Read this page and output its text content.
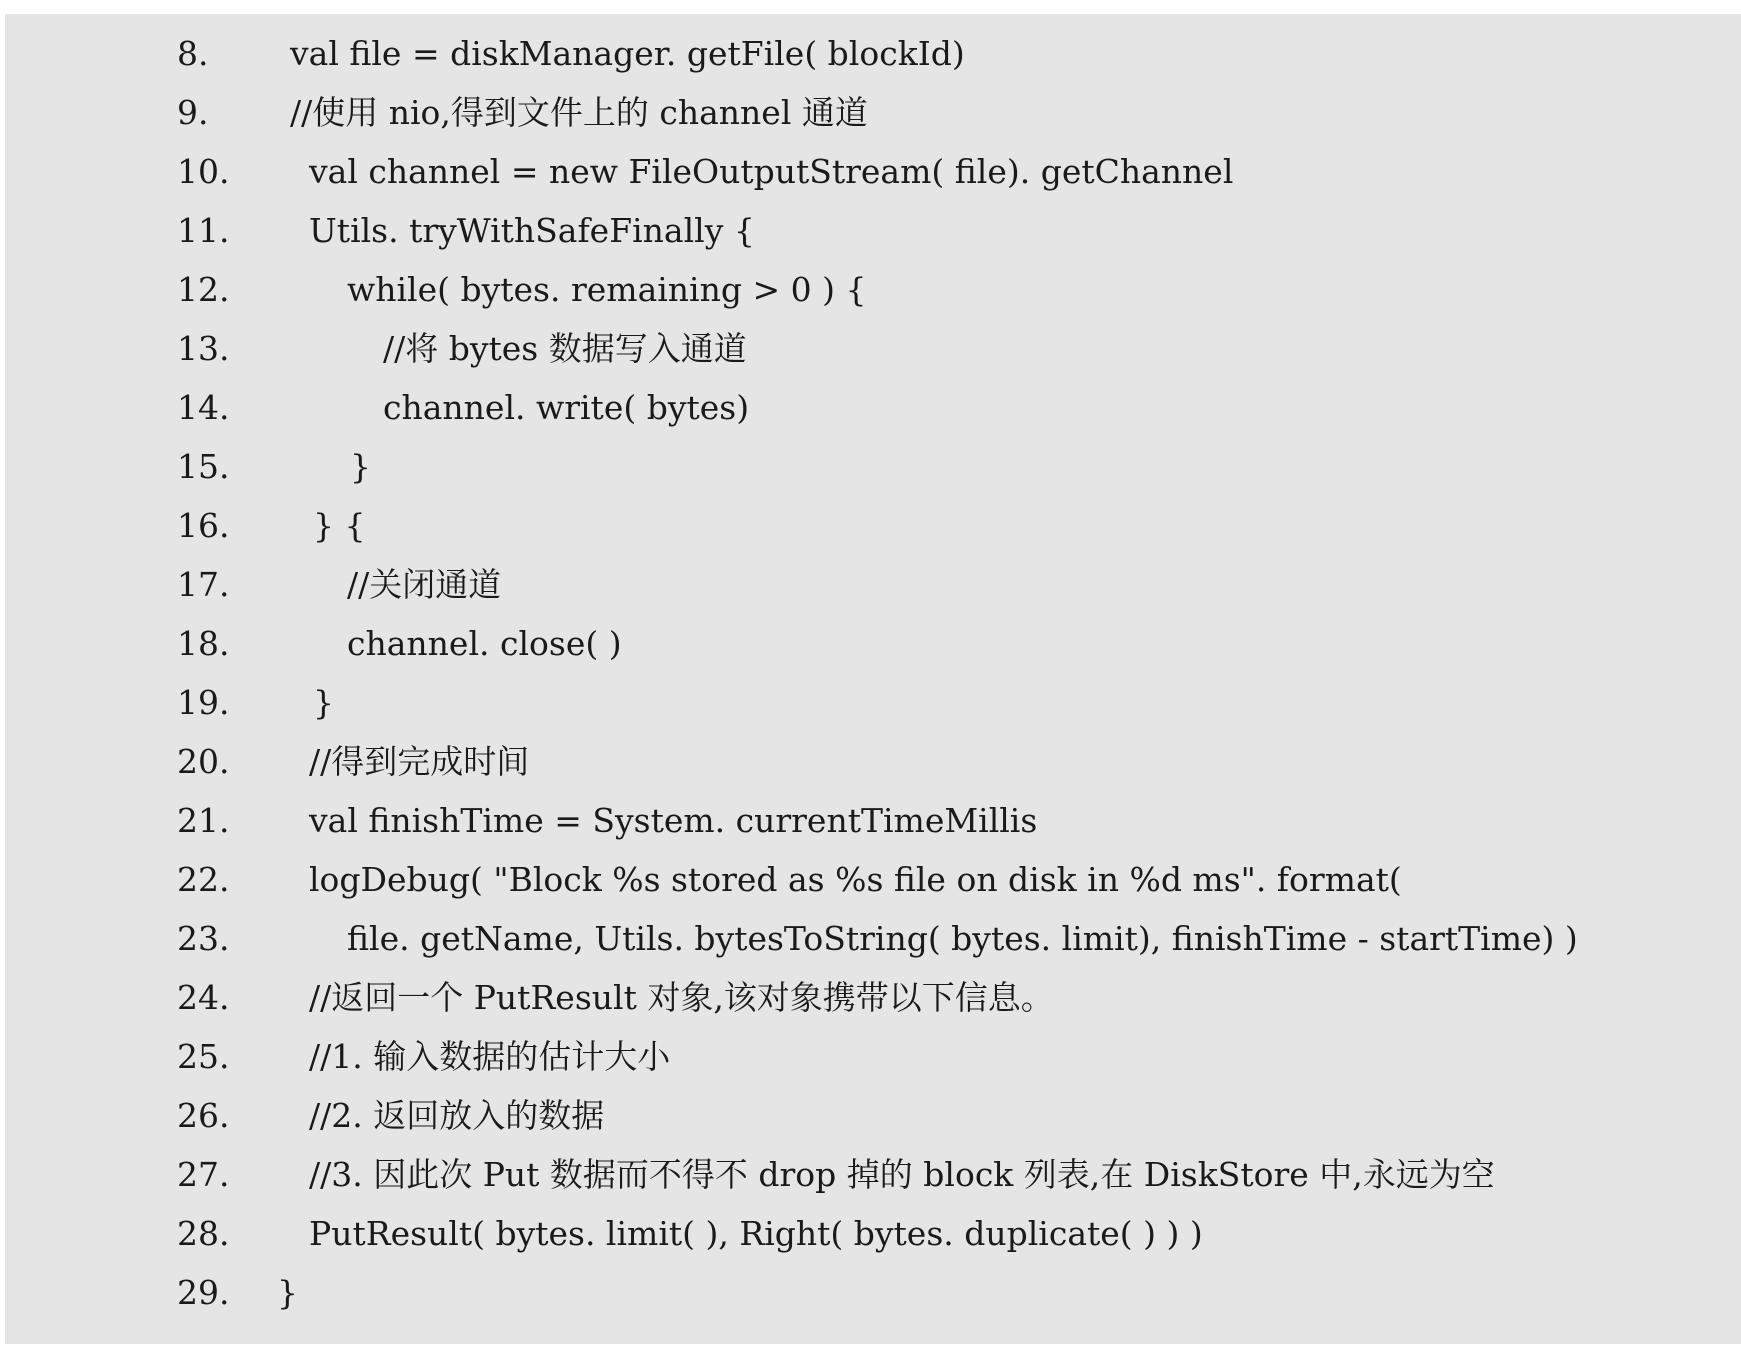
8. val file = diskManager. getFile( blockId)
9. //使用 nio,得到文件上的 channel 通道
10. val channel = new FileOutputStream( file). getChannel
11. Utils. tryWithSafeFinally {
12.	while( bytes. remaining > 0 ) {
13.	//将 bytes 数据写入通道
14.	channel. write( bytes)
15.	}
16.	} {
17.	//关闭通道
18.	channel. close( )
19.	}
20. //得到完成时间
21. val finishTime = System. currentTimeMillis
22. logDebug( "Block %s stored as %s file on disk in %d ms". format(
23.	file. getName, Utils. bytesToString( bytes. limit), finishTime - startTime) )
24. //返回一个 PutResult 对象,该对象携带以下信息。
25. //1. 输入数据的估计大小
26. //2. 返回放入的数据
27. //3. 因此次 Put 数据而不得不 drop 掉的 block 列表,在 DiskStore 中,永远为空
28. PutResult( bytes. limit( ), Right( bytes. duplicate( ) ) )
29. }
